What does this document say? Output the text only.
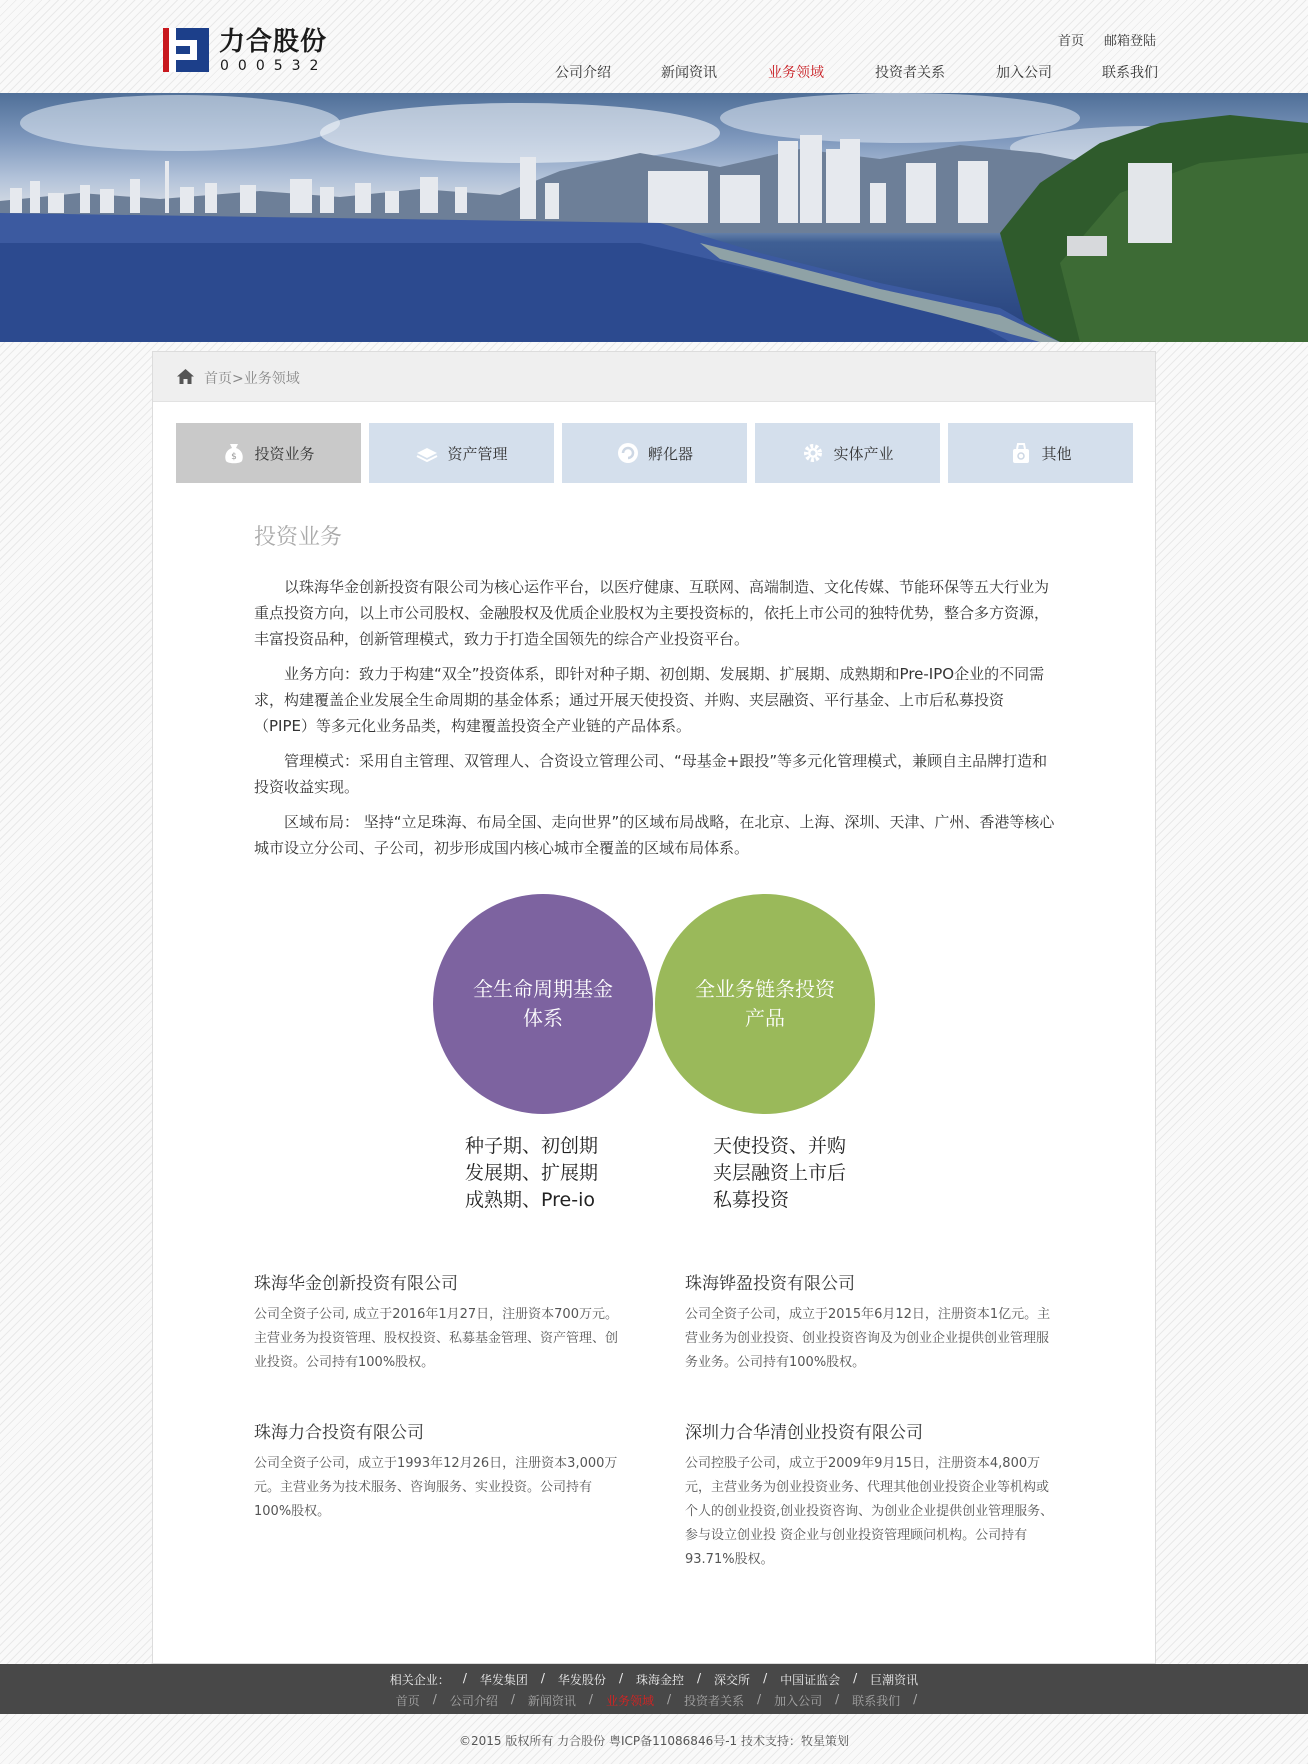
力合股份
000532
首页 邮箱登陆
公司介绍	新闻资讯	业务领域	投资者关系	加入公司	联系我们
首页>业务领域
$ 投资业务	资产管理	孵化器	实体产业	其他
投资业务

以珠海华金创新投资有限公司为核心运作平台，以医疗健康、互联网、高端制造、文化传媒、节能环保等五大行业为重点投资方向，以上市公司股权、金融股权及优质企业股权为主要投资标的，依托上市公司的独特优势，整合多方资源，丰富投资品种，创新管理模式，致力于打造全国领先的综合产业投资平台。

业务方向：致力于构建“双全”投资体系，即针对种子期、初创期、发展期、扩展期、成熟期和Pre-IPO企业的不同需求，构建覆盖企业发展全生命周期的基金体系；通过开展天使投资、并购、夹层融资、平行基金、上市后私募投资（PIPE）等多元化业务品类，构建覆盖投资全产业链的产品体系。

管理模式：采用自主管理、双管理人、合资设立管理公司、“母基金+跟投”等多元化管理模式，兼顾自主品牌打造和投资收益实现。

区域布局： 坚持“立足珠海、布局全国、走向世界”的区域布局战略，在北京、上海、深圳、天津、广州、香港等核心城市设立分公司、子公司，初步形成国内核心城市全覆盖的区域布局体系。

全生命周期基金体系
全业务链条投资产品
种子期、初创期
发展期、扩展期
成熟期、Pre-io
天使投资、并购
夹层融资上市后
私募投资
珠海华金创新投资有限公司

公司全资子公司, 成立于2016年1月27日，注册资本700万元。主营业务为投资管理、股权投资、私募基金管理、资产管理、创业投资。公司持有100%股权。

珠海铧盈投资有限公司

公司全资子公司，成立于2015年6月12日，注册资本1亿元。主营业务为创业投资、创业投资咨询及为创业企业提供创业管理服务业务。公司持有100%股权。

珠海力合投资有限公司

公司全资子公司，成立于1993年12月26日，注册资本3,000万元。主营业务为技术服务、咨询服务、实业投资。公司持有100%股权。

深圳力合华清创业投资有限公司

公司控股子公司，成立于2009年9月15日，注册资本4,800万元，主营业务为创业投资业务、代理其他创业投资企业等机构或个人的创业投资,创业投资咨询、为创业企业提供创业管理服务、参与设立创业投 资企业与创业投资管理顾问机构。公司持有93.71%股权。

相关企业： / 华发集团 / 华发股份 / 珠海金控 / 深交所 / 中国证监会 / 巨潮资讯
首页 / 公司介绍 / 新闻资讯 / 业务领域 / 投资者关系 / 加入公司 / 联系我们 /
©2015 版权所有 力合股份 粤ICP备11086846号-1 技术支持：牧星策划
